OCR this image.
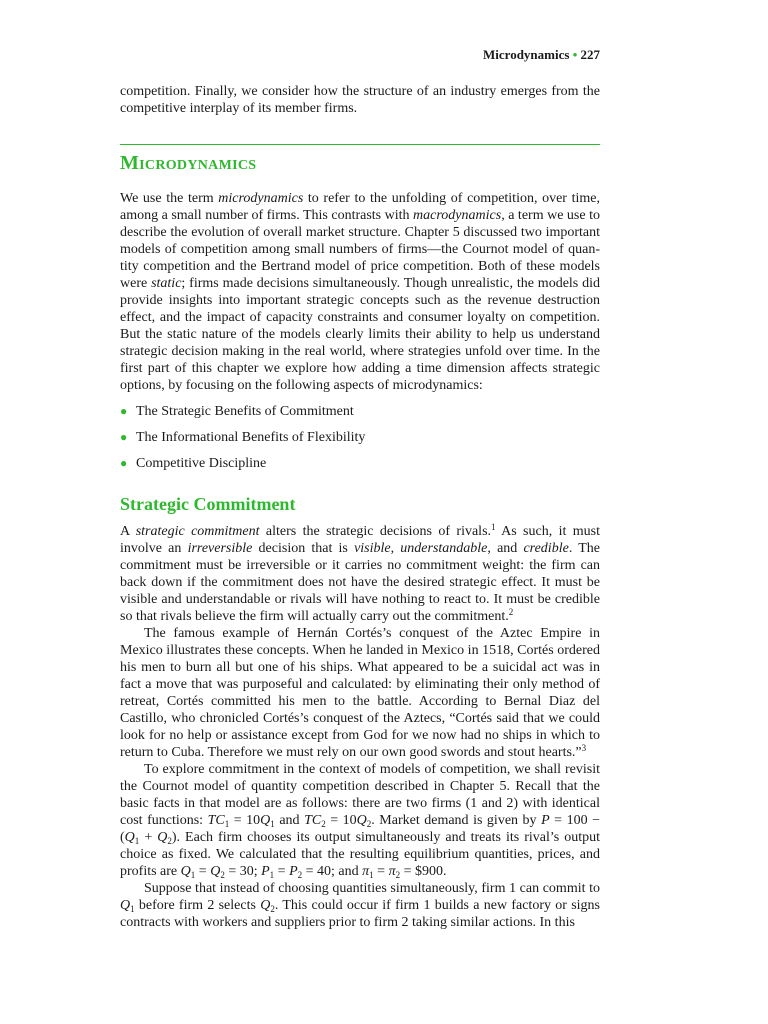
Microdynamics • 227

competition. Finally, we consider how the structure of an industry emerges from the competitive interplay of its member firms.

Microdynamics

We use the term microdynamics to refer to the unfolding of competition, over time, among a small number of firms. This contrasts with macrodynamics, a term we use to describe the evolution of overall market structure. Chapter 5 discussed two important models of competition among small numbers of firms—the Cournot model of quantity competition and the Bertrand model of price competition. Both of these models were static; firms made decisions simultaneously. Though unrealistic, the models did provide insights into important strategic concepts such as the revenue destruction effect, and the impact of capacity constraints and consumer loyalty on competition. But the static nature of the models clearly limits their ability to help us understand strategic decision making in the real world, where strategies unfold over time. In the first part of this chapter we explore how adding a time dimension affects strategic options, by focusing on the following aspects of microdynamics:

● The Strategic Benefits of Commitment
● The Informational Benefits of Flexibility
● Competitive Discipline
Strategic Commitment

A strategic commitment alters the strategic decisions of rivals.$^1$ As such, it must involve an irreversible decision that is visible, understandable, and credible. The commitment must be irreversible or it carries no commitment weight: the firm can back down if the commitment does not have the desired strategic effect. It must be visible and understandable or rivals will have nothing to react to. It must be credible so that rivals believe the firm will actually carry out the commitment.$^2$

The famous example of Hernán Cortés’s conquest of the Aztec Empire in Mexico illustrates these concepts. When he landed in Mexico in 1518, Cortés ordered his men to burn all but one of his ships. What appeared to be a suicidal act was in fact a move that was purposeful and calculated: by eliminating their only method of retreat, Cortés committed his men to the battle. According to Bernal Diaz del Castillo, who chronicled Cortés’s conquest of the Aztecs, “Cortés said that we could look for no help or assistance except from God for we now had no ships in which to return to Cuba. Therefore we must rely on our own good swords and stout hearts.”$^3$

To explore commitment in the context of models of competition, we shall revisit the Cournot model of quantity competition described in Chapter 5. Recall that the basic facts in that model are as follows: there are two firms (1 and 2) with identical cost functions: $TC_1 = 10Q_1$ and $TC_2 = 10Q_2$. Market demand is given by $P = 100 - (Q_1 + Q_2)$. Each firm chooses its output simultaneously and treats its rival’s output choice as fixed. We calculated that the resulting equilibrium quantities, prices, and profits are $Q_1 = Q_2 = 30$; $P_1 = P_2 = 40$; and $\pi_1 = \pi_2$ = $900.

Suppose that instead of choosing quantities simultaneously, firm 1 can commit to $Q_1$ before firm 2 selects $Q_2$. This could occur if firm 1 builds a new factory or signs contracts with workers and suppliers prior to firm 2 taking similar actions. In this
